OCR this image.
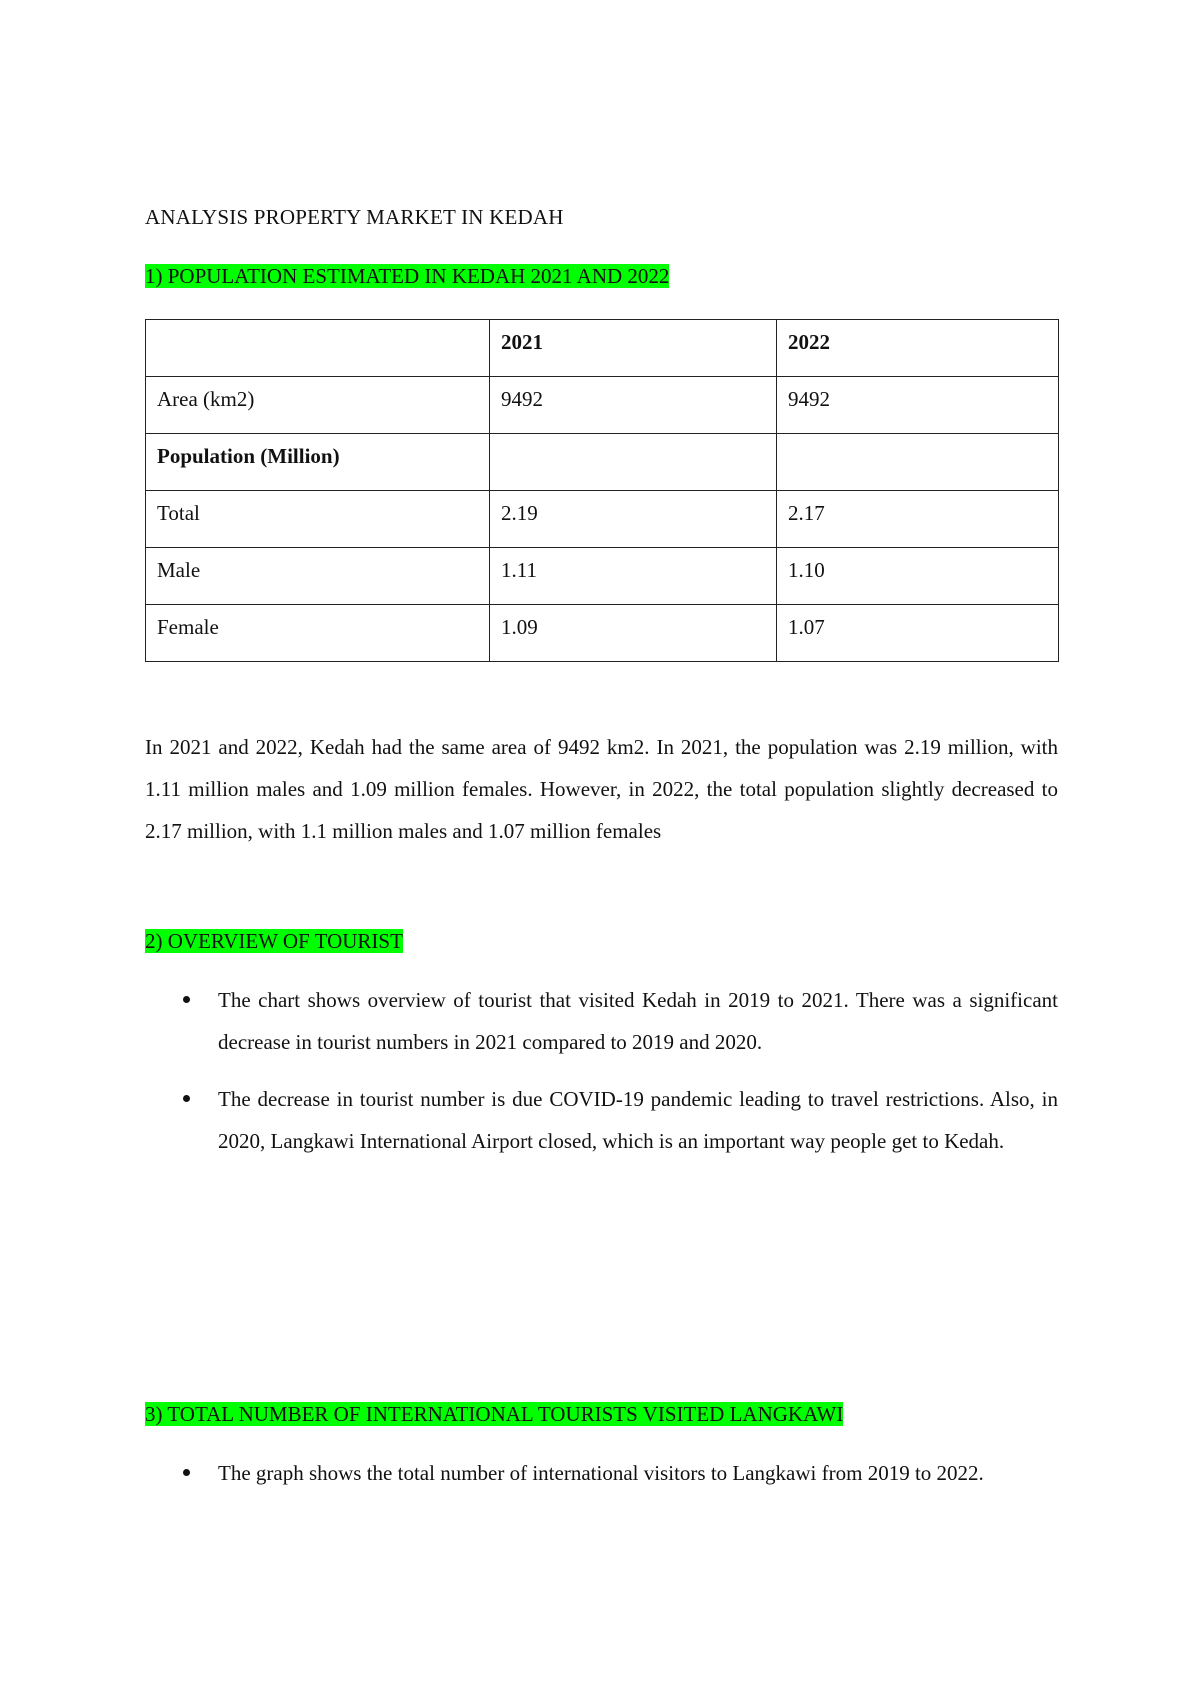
ANALYSIS PROPERTY MARKET IN KEDAH
1) POPULATION ESTIMATED IN KEDAH 2021 AND 2022
	2021	2022
Area (km2)	9492	9492
Population (Million)		
Total	2.19	2.17
Male	1.11	1.10
Female	1.09	1.07
In 2021 and 2022, Kedah had the same area of 9492 km2. In 2021, the population was 2.19 million, with 1.11 million males and 1.09 million females. However, in 2022, the total population slightly decreased to 2.17 million, with 1.1 million males and 1.07 million females
2) OVERVIEW OF TOURIST
The chart shows overview of tourist that visited Kedah in 2019 to 2021. There was a significant decrease in tourist numbers in 2021 compared to 2019 and 2020.
The decrease in tourist number is due COVID-19 pandemic leading to travel restrictions. Also, in 2020, Langkawi International Airport closed, which is an important way people get to Kedah.
3) TOTAL NUMBER OF INTERNATIONAL TOURISTS VISITED LANGKAWI
The graph shows the total number of international visitors to Langkawi from 2019 to 2022.
